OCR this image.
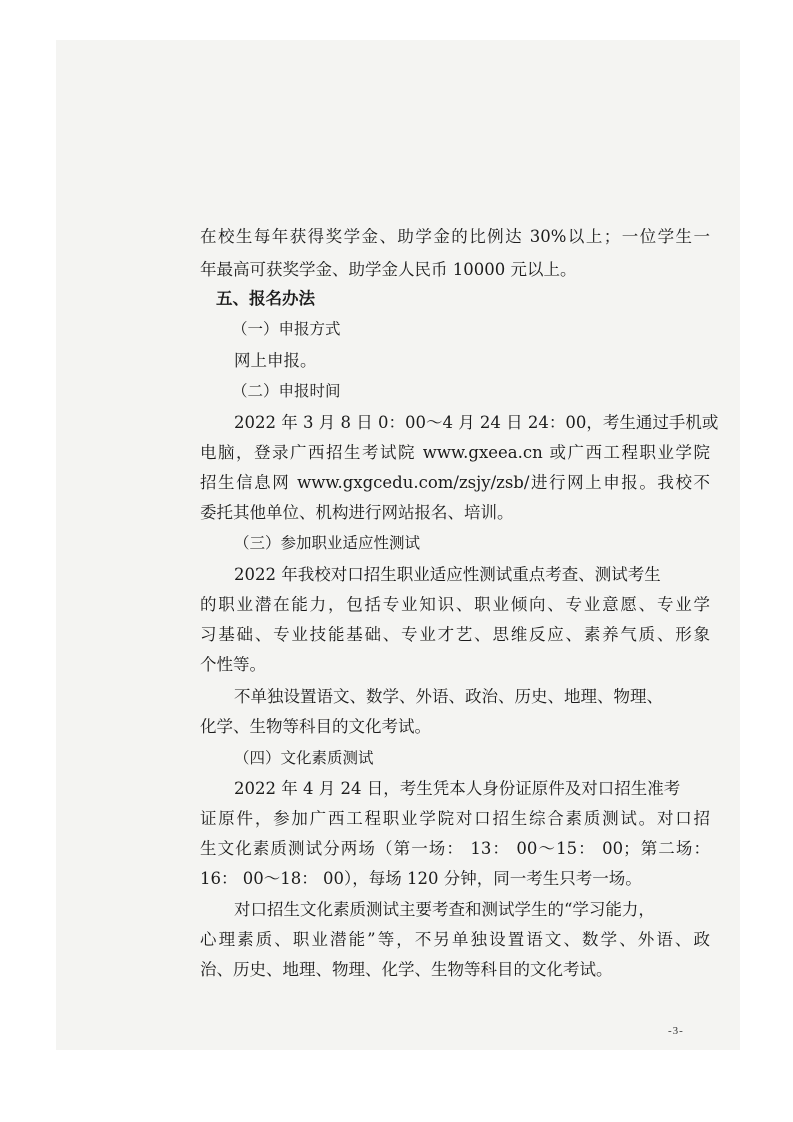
在校生每年获得奖学金、助学金的比例达 30%以上；一位学生一
年最高可获奖学金、助学金人民币 10000 元以上。
五、报名办法
（一）申报方式
网上申报。
（二）申报时间
2022 年 3 月 8 日 0：00～4 月 24 日 24：00，考生通过手机或
电脑，登录广西招生考试院 www.gxeea.cn 或广西工程职业学院
招生信息网 www.gxgcedu.com/zsjy/zsb/进行网上申报。我校不
委托其他单位、机构进行网站报名、培训。
（三）参加职业适应性测试
2022 年我校对口招生职业适应性测试重点考查、测试考生
的职业潜在能力，包括专业知识、职业倾向、专业意愿、专业学
习基础、专业技能基础、专业才艺、思维反应、素养气质、形象
个性等。
不单独设置语文、数学、外语、政治、历史、地理、物理、
化学、生物等科目的文化考试。
（四）文化素质测试
2022 年 4 月 24 日，考生凭本人身份证原件及对口招生准考
证原件，参加广西工程职业学院对口招生综合素质测试。对口招
生文化素质测试分两场（第一场： 13： 00～15： 00；第二场：
16： 00～18： 00），每场 120 分钟，同一考生只考一场。
对口招生文化素质测试主要考查和测试学生的“学习能力，
心理素质、职业潜能”等，不另单独设置语文、数学、外语、政
治、历史、地理、物理、化学、生物等科目的文化考试。
-3-
